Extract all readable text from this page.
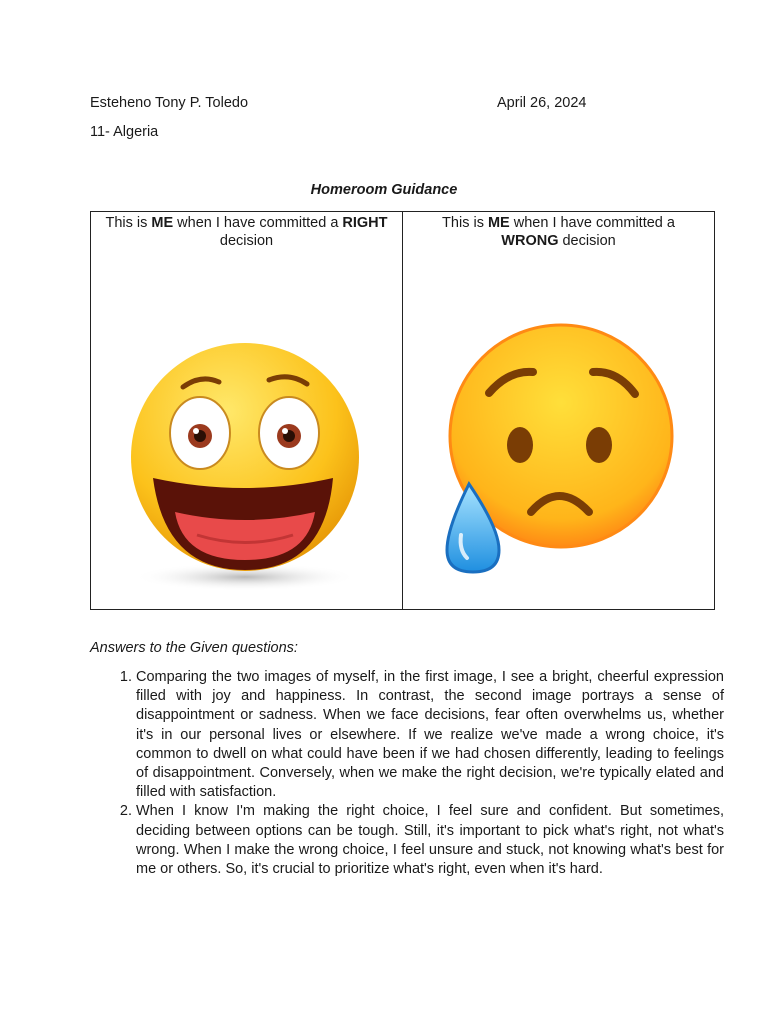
Esteheno Tony P. Toledo	April 26, 2024
11- Algeria
Homeroom Guidance
This is ME when I have committed a RIGHT decision

This is ME when I have committed a
WRONG decision
Answers to the Given questions:
1. Comparing the two images of myself, in the first image, I see a bright, cheerful expression filled with joy and happiness. In contrast, the second image portrays a sense of disappointment or sadness. When we face decisions, fear often overwhelms us, whether it's in our personal lives or elsewhere. If we realize we've made a wrong choice, it's common to dwell on what could have been if we had chosen differently, leading to feelings of disappointment. Conversely, when we make the right decision, we're typically elated and filled with satisfaction.
2. When I know I'm making the right choice, I feel sure and confident. But sometimes, deciding between options can be tough. Still, it's important to pick what's right, not what's wrong. When I make the wrong choice, I feel unsure and stuck, not knowing what's best for me or others. So, it's crucial to prioritize what's right, even when it's hard.
